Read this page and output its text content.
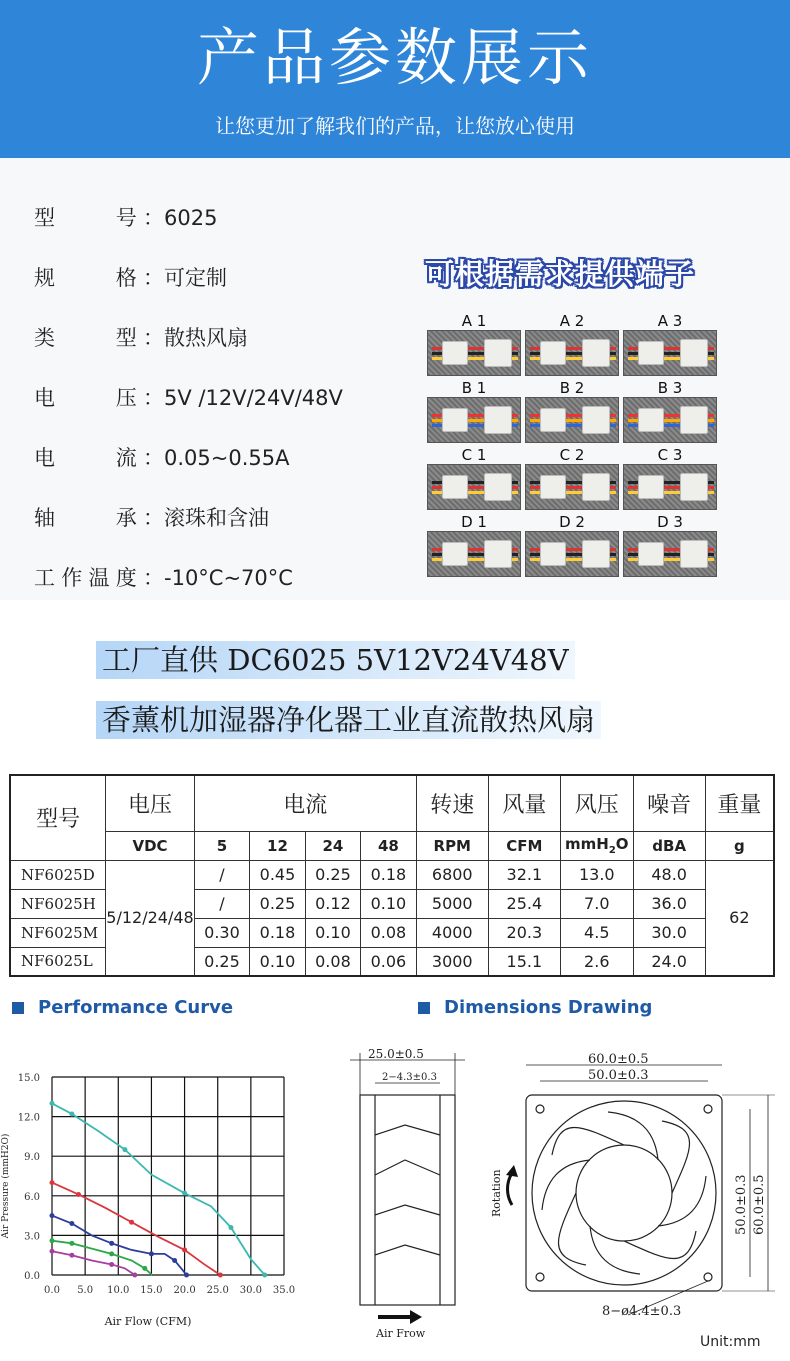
产品参数展示

让您更加了解我们的产品，让您放心使用

型　　号： 6025
规　　格： 可定制
类　　型： 散热风扇
电　　压： 5V /12V/24V/48V
电　　流： 0.05~0.55A
轴　　承： 滚珠和含油
工作温度： -10°C~70°C
可根据需求提供端子
A 1	A 2	A 3
B 1	B 2	B 3
C 1	C 2	C 3
D 1	D 2	D 3
工厂直供 DC6025 5V12V24V48V
香薰机加湿器净化器工业直流散热风扇
型号	电压	电流				转速	风量	风压	噪音	重量
	VDC	5	12	24	48	RPM	CFM	mmH$_2$O	dBA	g
NF6025D	5/12/24/48	/	0.45	0.25	0.18	6800	32.1	13.0	48.0	62
NF6025H		/	0.25	0.12	0.10	5000	25.4	7.0	36.0	
NF6025M		0.30	0.18	0.10	0.08	4000	20.3	4.5	30.0	
NF6025L		0.25	0.10	0.08	0.06	3000	15.1	2.6	24.0	
Performance Curve	Dimensions Drawing
0.0 5.0 10.0 15.0 20.0 25.0 30.0 35.0
0.0
3.0
6.0
9.0
12.0
15.0
Air Flow (CFM)
Air Pressure (mmH2O)
25.0±0.5
2−4.3±0.3
Air Frow
60.0±0.5
50.0±0.3
50.0±0.3 60.0±0.5
8−ø4.4±0.3
Rotation
Unit:mm
